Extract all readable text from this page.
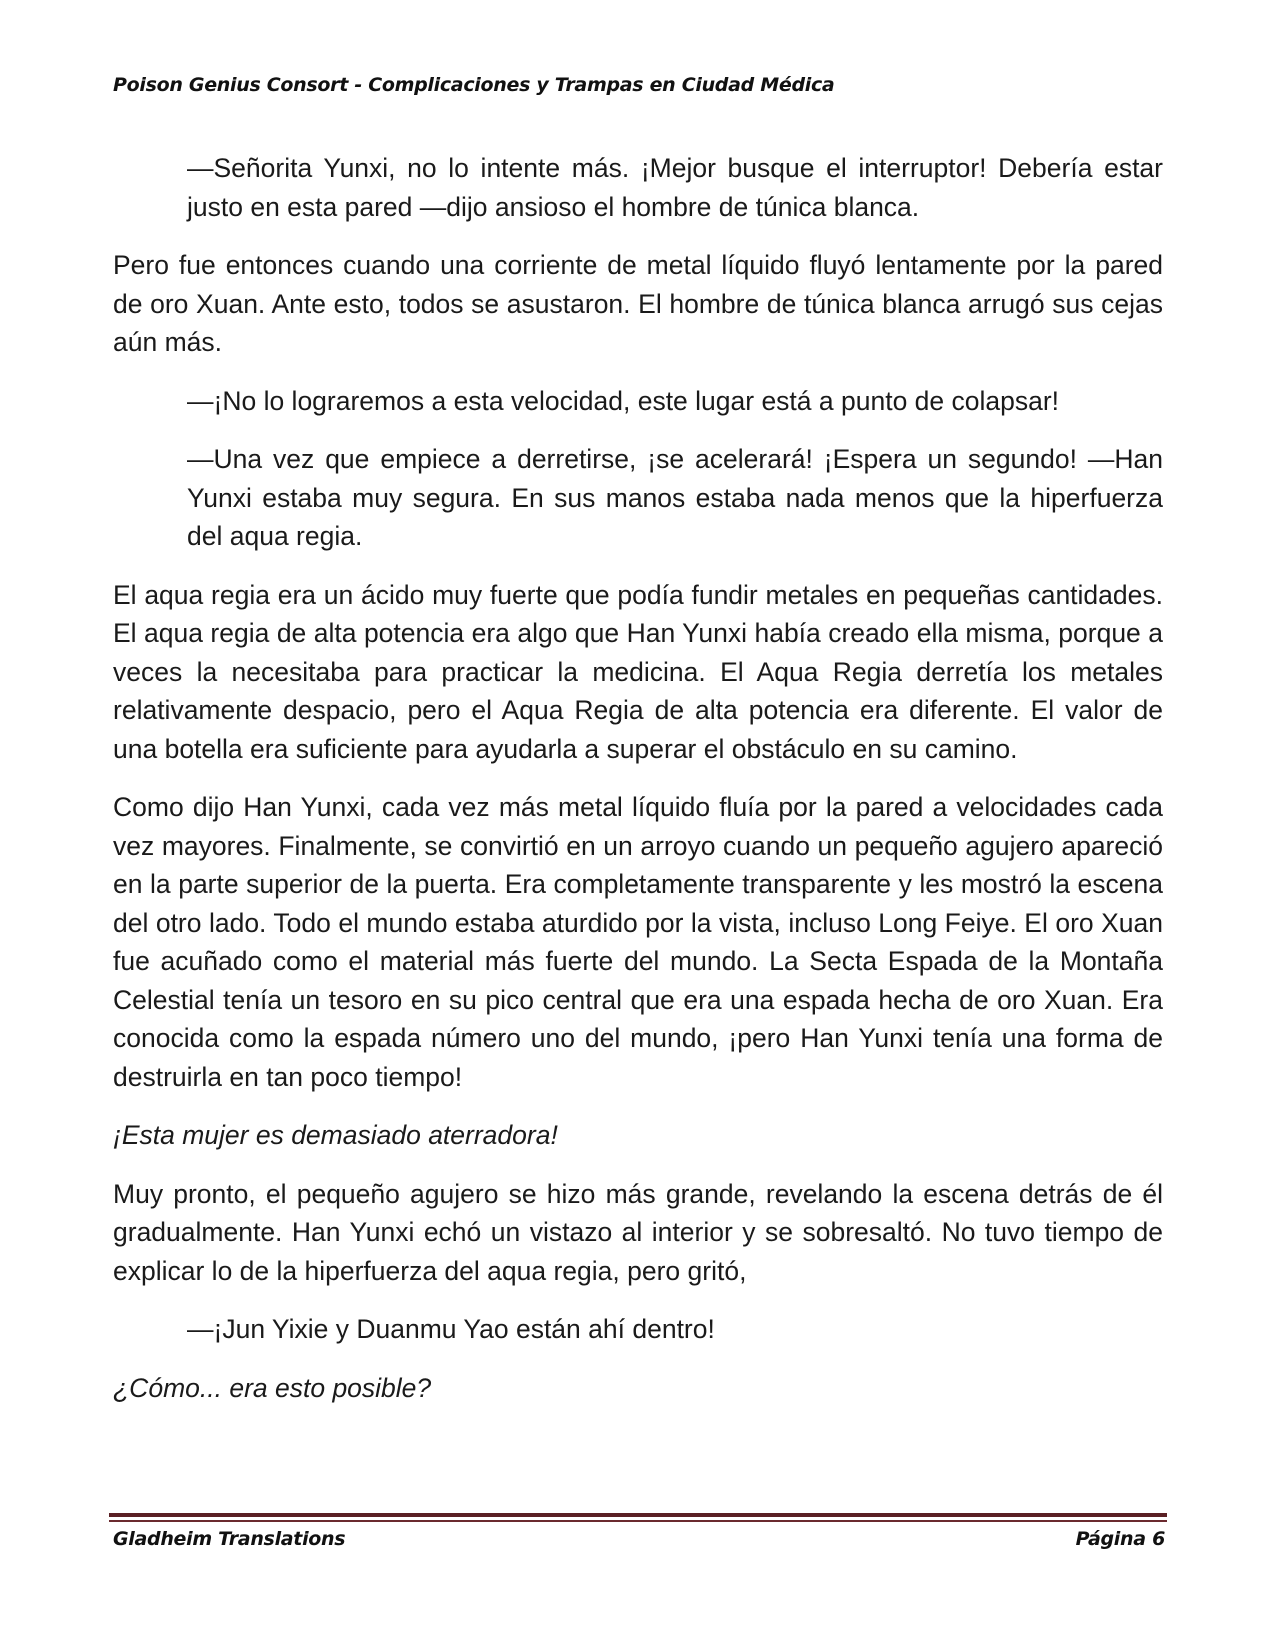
Poison Genius Consort - Complicaciones y Trampas en Ciudad Médica

—Señorita Yunxi, no lo intente más. ¡Mejor busque el interruptor! Debería estar justo en esta pared —dijo ansioso el hombre de túnica blanca.

Pero fue entonces cuando una corriente de metal líquido fluyó lentamente por la pared de oro Xuan. Ante esto, todos se asustaron. El hombre de túnica blanca arrugó sus cejas aún más.

—¡No lo lograremos a esta velocidad, este lugar está a punto de colapsar!

—Una vez que empiece a derretirse, ¡se acelerará! ¡Espera un segundo! —Han Yunxi estaba muy segura. En sus manos estaba nada menos que la hiperfuerza del aqua regia.

El aqua regia era un ácido muy fuerte que podía fundir metales en pequeñas cantidades. El aqua regia de alta potencia era algo que Han Yunxi había creado ella misma, porque a veces la necesitaba para practicar la medicina. El Aqua Regia derretía los metales relativamente despacio, pero el Aqua Regia de alta potencia era diferente. El valor de una botella era suficiente para ayudarla a superar el obstáculo en su camino.

Como dijo Han Yunxi, cada vez más metal líquido fluía por la pared a velocidades cada vez mayores. Finalmente, se convirtió en un arroyo cuando un pequeño agujero apareció en la parte superior de la puerta. Era completamente transparente y les mostró la escena del otro lado. Todo el mundo estaba aturdido por la vista, incluso Long Feiye. El oro Xuan fue acuñado como el material más fuerte del mundo. La Secta Espada de la Montaña Celestial tenía un tesoro en su pico central que era una espada hecha de oro Xuan. Era conocida como la espada número uno del mundo, ¡pero Han Yunxi tenía una forma de destruirla en tan poco tiempo!

¡Esta mujer es demasiado aterradora!

Muy pronto, el pequeño agujero se hizo más grande, revelando la escena detrás de él gradualmente. Han Yunxi echó un vistazo al interior y se sobresaltó. No tuvo tiempo de explicar lo de la hiperfuerza del aqua regia, pero gritó,

—¡Jun Yixie y Duanmu Yao están ahí dentro!

¿Cómo... era esto posible?

Gladheim Translations	Página 6
